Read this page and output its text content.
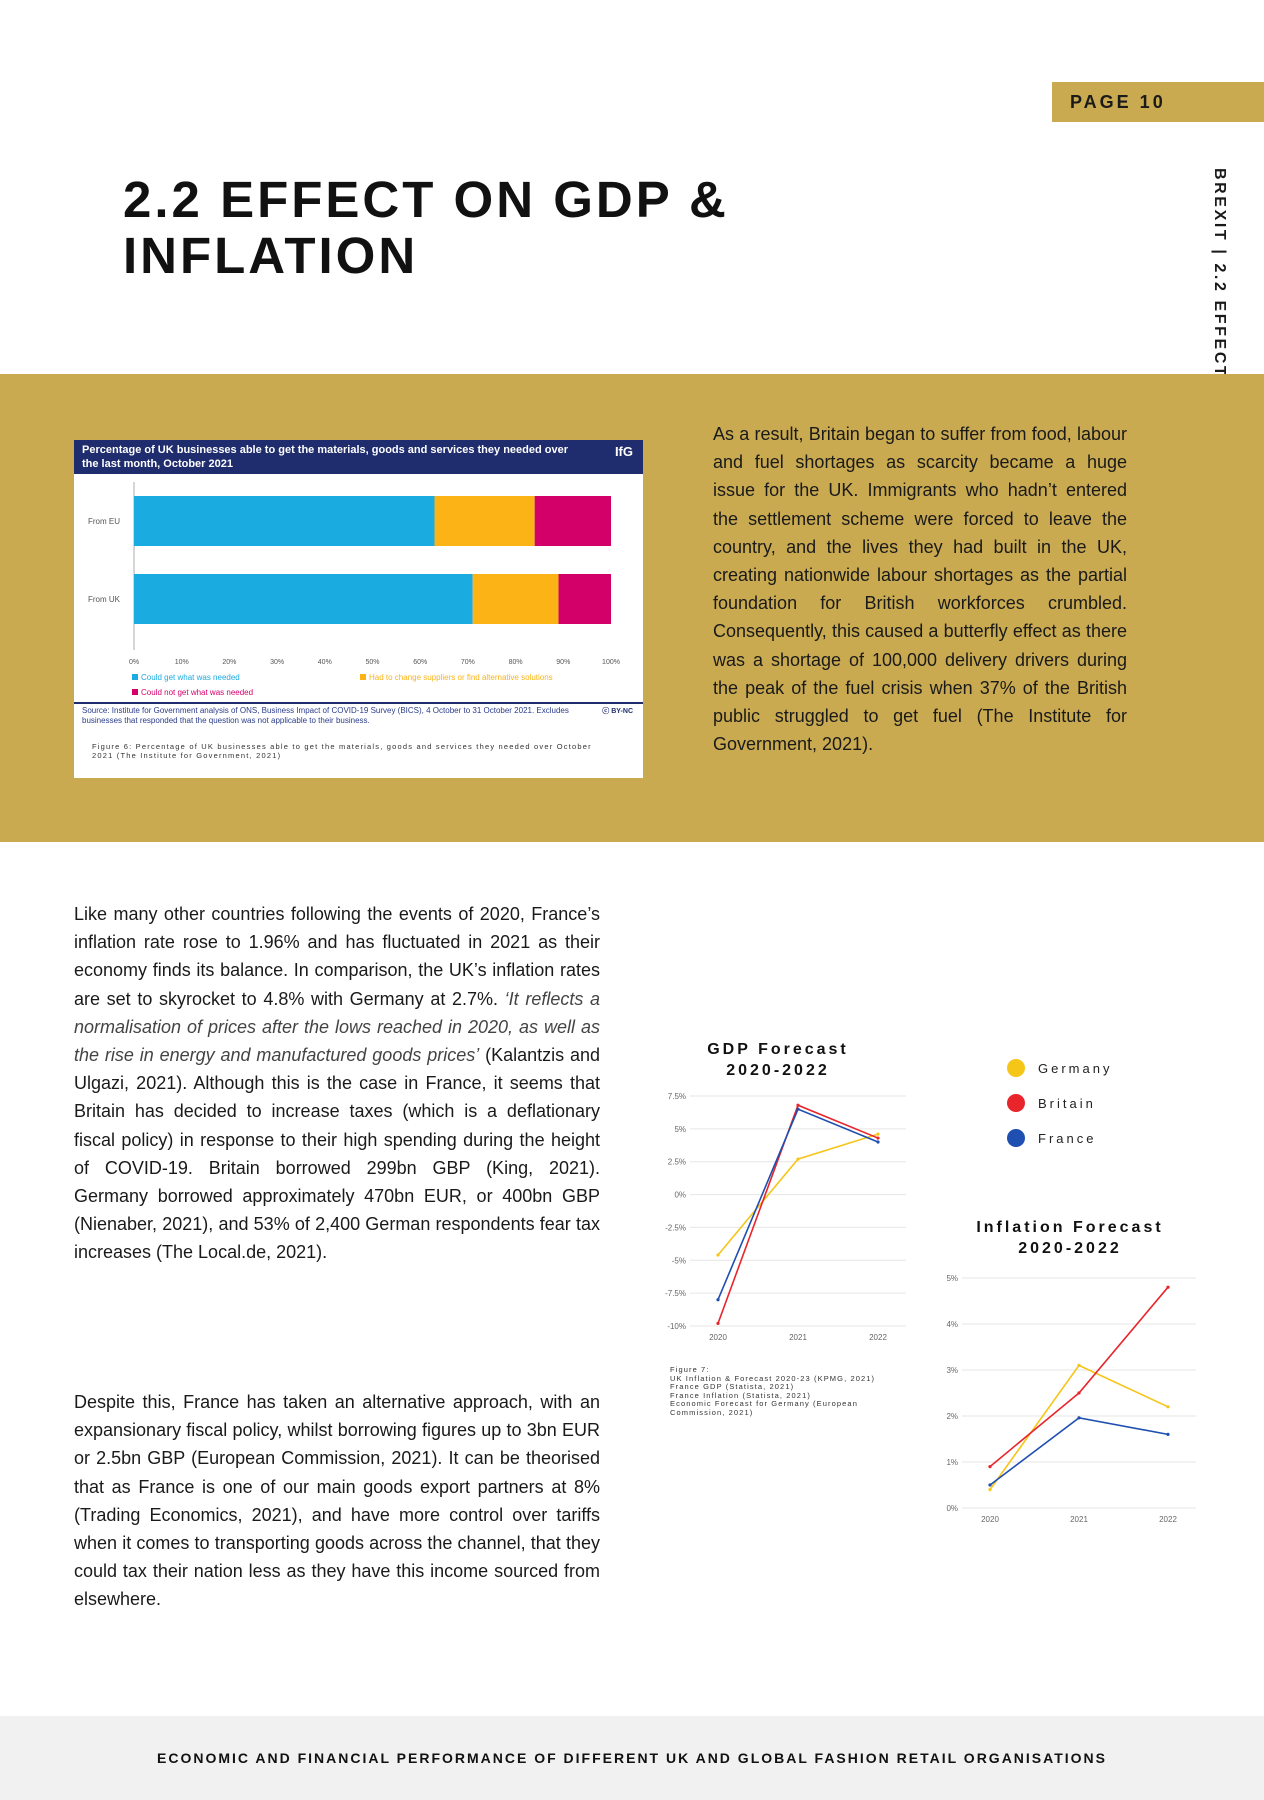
PAGE 10
2.2 EFFECT ON GDP &
INFLATION
Percentage of UK businesses able to get the materials, goods and services they needed over the last month, October 2021
IfG
From EU
From UK
0%	10%	20%	30%	40%	50%	60%	70%	80%	90%	100%
Could get what was needed	Had to change suppliers or find alternative solutions
Could not get what was needed
Source: Institute for Government analysis of ONS, Business Impact of COVID-19 Survey (BICS), 4 October to 31 October 2021. Excludes businesses that responded that the question was not applicable to their business.
ⓒ BY-NC
Figure 6: Percentage of UK businesses able to get the materials, goods and services they needed over October 2021 (The Institute for Government, 2021)
As a result, Britain began to suffer from food, labour and fuel shortages as scarcity became a huge issue for the UK. Immigrants who hadn’t entered the settlement scheme were forced to leave the country, and the lives they had built in the UK, creating nationwide labour shortages as the partial foundation for British workforces crumbled. Consequently, this caused a butterfly effect as there was a shortage of 100,000 delivery drivers during the peak of the fuel crisis when 37% of the British public struggled to get fuel (The Institute for Government, 2021).
Like many other countries following the events of 2020, France’s inflation rate rose to 1.96% and has fluctuated in 2021 as their economy finds its balance. In comparison, the UK’s inflation rates are set to skyrocket to 4.8% with Germany at 2.7%. ‘It reflects a normalisation of prices after the lows reached in 2020, as well as the rise in energy and manufactured goods prices’ (Kalantzis and Ulgazi, 2021). Although this is the case in France, it seems that Britain has decided to increase taxes (which is a deflationary fiscal policy) in response to their high spending during the height of COVID-19. Britain borrowed 299bn GBP (King, 2021). Germany borrowed approximately 470bn EUR, or 400bn GBP (Nienaber, 2021), and 53% of 2,400 German respondents fear tax increases (The Local.de, 2021).
Despite this, France has taken an alternative approach, with an expansionary fiscal policy, whilst borrowing figures up to 3bn EUR or 2.5bn GBP (European Commission, 2021). It can be theorised that as France is one of our main goods export partners at 8% (Trading Economics, 2021), and have more control over tariffs when it comes to transporting goods across the channel, that they could tax their nation less as they have this income sourced from elsewhere.
GDP Forecast
2020-2022
-10%
-7.5%
-5%
-2.5%
0%
2.5%
5%
7.5%
2020	2021	2022
Germany
Britain
France
Inflation Forecast
2020-2022
0%
1%
2%
3%
4%
5%
2020	2021	2022
Figure 7:
UK Inflation & Forecast 2020-23 (KPMG, 2021)
France GDP (Statista, 2021)
France Inflation (Statista, 2021)
Economic Forecast for Germany (European
Commission, 2021)
ECONOMIC AND FINANCIAL PERFORMANCE OF DIFFERENT UK AND GLOBAL FASHION RETAIL ORGANISATIONS
